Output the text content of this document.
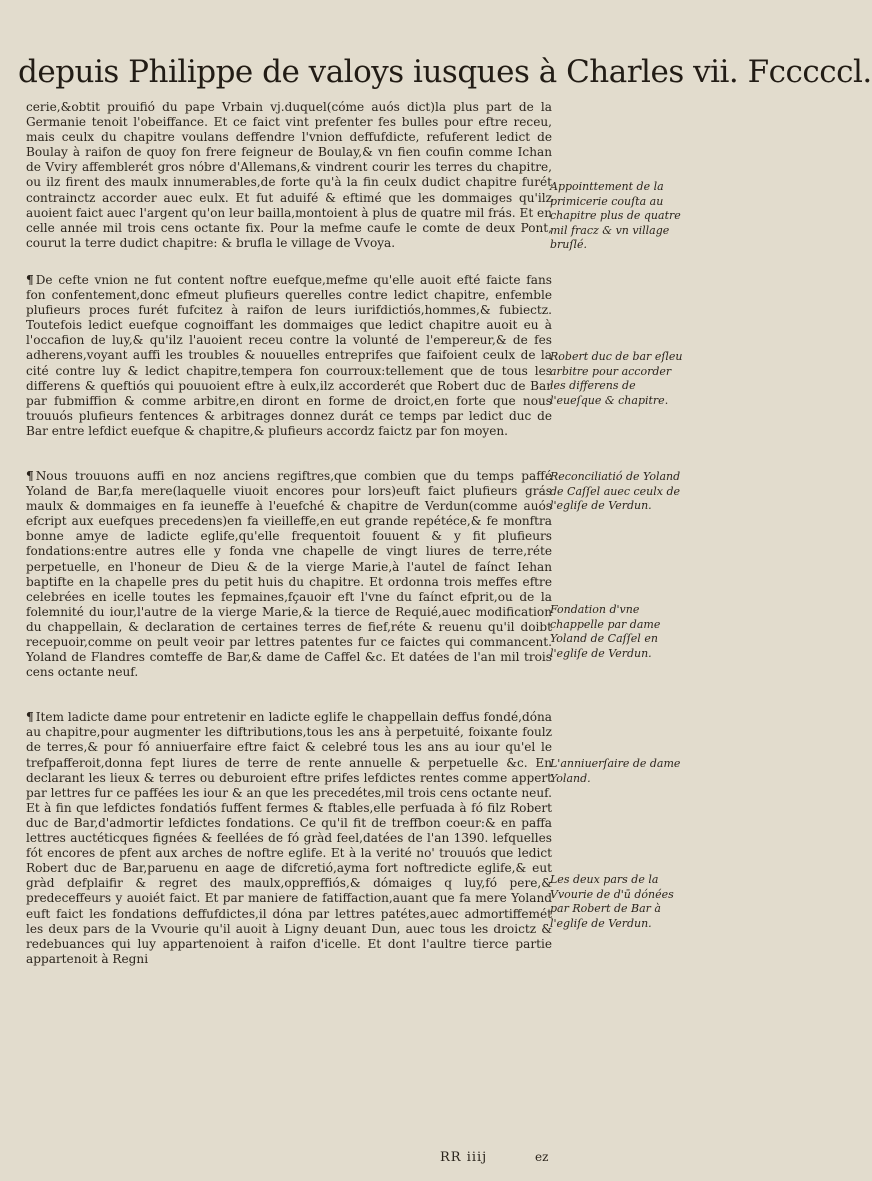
depuis Philippe de valoys iusques à Charles vii. Fcccccl.

cerie,&obtit prouifió du pape Vrbain vj.duquel(cóme auós dict)la plus part de la Germanie tenoit l'obeiffance. Et ce faict vint prefenter fes bulles pour eftre receu, mais ceulx du chapitre voulans deffendre l'vnion deffufdicte, refuferent ledict de Boulay à raifon de quoy fon frere feigneur de Boulay,& vn fien coufin comme Ichan de Vviry affemblerét gros nóbre d'Allemans,& vindrent courir les terres du chapitre, ou ilz firent des maulx innumerables,de forte qu'à la fin ceulx dudict chapitre furét contrainctz accorder auec eulx. Et fut aduifé & eftimé que les dommaiges qu'ilz auoient faict auec l'argent qu'on leur bailla,montoient à plus de quatre mil frás. Et en celle année mil trois cens octante fix. Pour la mefme caufe le comte de deux Pont, courut la terre dudict chapitre: & brufla le village de Vvoya.

¶ De cefte vnion ne fut content noftre euefque,mefme qu'elle auoit efté faicte fans fon confentement,donc efmeut plufieurs querelles contre ledict chapitre, enfemble plufieurs proces furét fufcitez à raifon de leurs iurifdictiós,hommes,& fubiectz. Toutefois ledict euefque cognoiffant les dommaiges que ledict chapitre auoit eu à l'occafion de luy,& qu'ilz l'auoient receu contre la volunté de l'empereur,& de fes adherens,voyant auffi les troubles & nouuelles entreprifes que faifoient ceulx de la cité contre luy & ledict chapitre,tempera fon courroux:tellement que de tous les differens & queftiós qui pouuoient eftre à eulx,ilz accorderét que Robert duc de Bar par fubmiffion & comme arbitre,en diront en forme de droict,en forte que nous trouuós plufieurs fentences & arbitrages donnez durát ce temps par ledict duc de Bar entre lefdict euefque & chapitre,& plufieurs accordz faictz par fon moyen.

¶ Nous trouuons auffi en noz anciens regiftres,que combien que du temps paffé Yoland de Bar,fa mere(laquelle viuoit encores pour lors)euft faict plufieurs grás maulx & dommaiges en fa ieuneffe à l'euefché & chapitre de Verdun(comme auós efcript aux euefques precedens)en fa vieilleffe,en eut grande repétéce,& fe monftra bonne amye de ladicte eglife,qu'elle frequentoit fouuent & y fit plufieurs fondations:entre autres elle y fonda vne chapelle de vingt liures de terre,réte perpetuelle, en l'honeur de Dieu & de la vierge Marie,à l'autel de faínct Iehan baptifte en la chapelle pres du petit huis du chapitre. Et ordonna trois meffes eftre celebrées en icelle toutes les fepmaines,fçauoir eft l'vne du faínct efprit,ou de la folemnité du iour,l'autre de la vierge Marie,& la tierce de Requié,auec modification du chappellain, & declaration de certaines terres de fief,réte & reuenu qu'il doibt recepuoir,comme on peult veoir par lettres patentes fur ce faictes qui commancent. Yoland de Flandres comteffe de Bar,& dame de Caffel &c. Et datées de l'an mil trois cens octante neuf.

¶ Item ladicte dame pour entretenir en ladicte eglife le chappellain deffus fondé,dóna au chapitre,pour augmenter les diftributions,tous les ans à perpetuité, foixante foulz de terres,& pour fó anniuerfaire eftre faict & celebré tous les ans au iour qu'el le trefpafferoit,donna fept liures de terre de rente annuelle & perpetuelle &c. En declarant les lieux & terres ou deburoient eftre prifes lefdictes rentes comme appert par lettres fur ce paffées les iour & an que les precedétes,mil trois cens octante neuf. Et à fin que lefdictes fondatiós fuffent fermes & ftables,elle perfuada à fó filz Robert duc de Bar,d'admortir lefdictes fondations. Ce qu'il fit de treffbon coeur:& en paffa lettres auctéticques fignées & feellées de fó gràd feel,datées de l'an 1390. lefquelles fót encores de pfent aux arches de noftre eglife. Et à la verité no' trouuós que ledict Robert duc de Bar,paruenu en aage de difcretió,ayma fort noftredicte eglife,& eut gràd defplaifir & regret des maulx,oppreffiós,& dómaiges q luy,fó pere,& predeceffeurs y auoiét faict. Et par maniere de fatiffaction,auant que fa mere Yoland euft faict les fondations deffufdictes,il dóna par lettres patétes,auec admortiffemét les deux pars de la Vvourie qu'il auoit à Ligny deuant Dun, auec tous les droictz & redebuances qui luy appartenoient à raifon d'icelle. Et dont l'aultre tierce partie appartenoit à Regni

Appointtement de la primicerie couſta au chapitre plus de quatre mil fracz & vn village bruſlé.
Robert duc de bar eſleu arbitre pour accorder les differens de l'eueſque & chapitre.
Reconciliatió de Yoland de Caſſel auec ceulx de l'egliſe de Verdun.
Fondation d'vne chappelle par dame Yoland de Caſſel en l'egliſe de Verdun.
L'anniuerſaire de dame Yoland.
Les deux pars de la Vvourie de d'ū dónées par Robert de Bar à l'egliſe de Verdun.
RR iiij	ez
